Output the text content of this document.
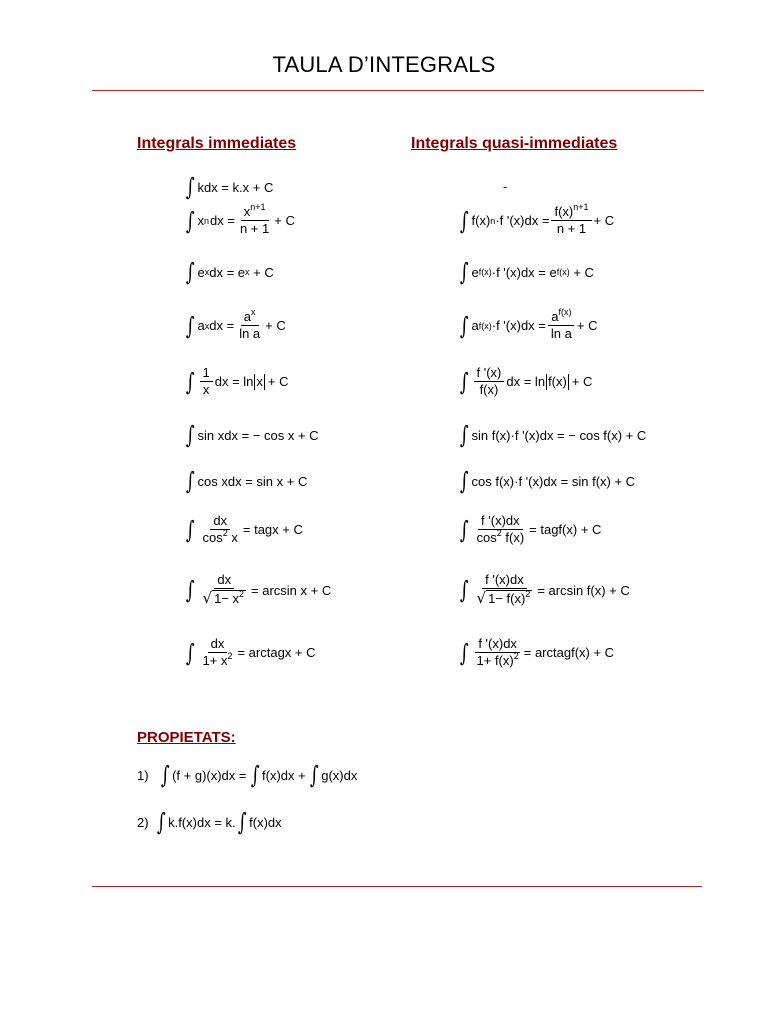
TAULA D’INTEGRALS
Integrals immediates	Integrals quasi-immediates
∫ kdx = k.x + C
∫ x n dx = $\frac{x^{n+1}}{n + 1} + C$
∫ e x dx = e x + C
∫ a x dx = $\frac{a^x}{\text{ln a}} + C$
∫ $\frac{1}{x}$ dx = ln x + C
∫ sin xdx = − cos x + C
∫ cos xdx = sin x + C
∫ $\frac{dx}{\cos^2 x}$ = tagx + C
∫ $\frac{dx}{√ 1- x^2} = \arcsin x + C$
∫ $\frac{dx}{1+ x^2}$ = arctagx + C
-
∫ f(x) n ·f '$(x)dx = \frac{f(x)^{n+1}}{n + 1} + C$
∫ e f(x) ·f '(x)dx = e f(x) + C
∫ a f(x) ·f '$(x)dx = \frac{a^{f(x)}}{\text{ln a}} + C$
∫ $\frac{f '(x)}{f(x)}$ dx = ln f(x) + C
∫ sin f(x)·f '(x)dx = − cos f(x) + C
∫ cos f(x)·f '(x)dx = sin f(x) + C
∫ $\frac{f '(x)dx}{\cos^2 f(x)}$ = tagf(x) + C
∫ $\frac{f '(x)dx}{√ 1- f(x)^2} = \arcsin f(x) + C$
∫ $\frac{f '(x)dx}{1+ f(x)^2}$ = arctagf(x) + C
PROPIETATS:
1) ∫ (f + g)(x)dx = ∫ f(x)dx + ∫ g(x)dx
2) ∫ k.f(x)dx = k. ∫ f(x)dx
